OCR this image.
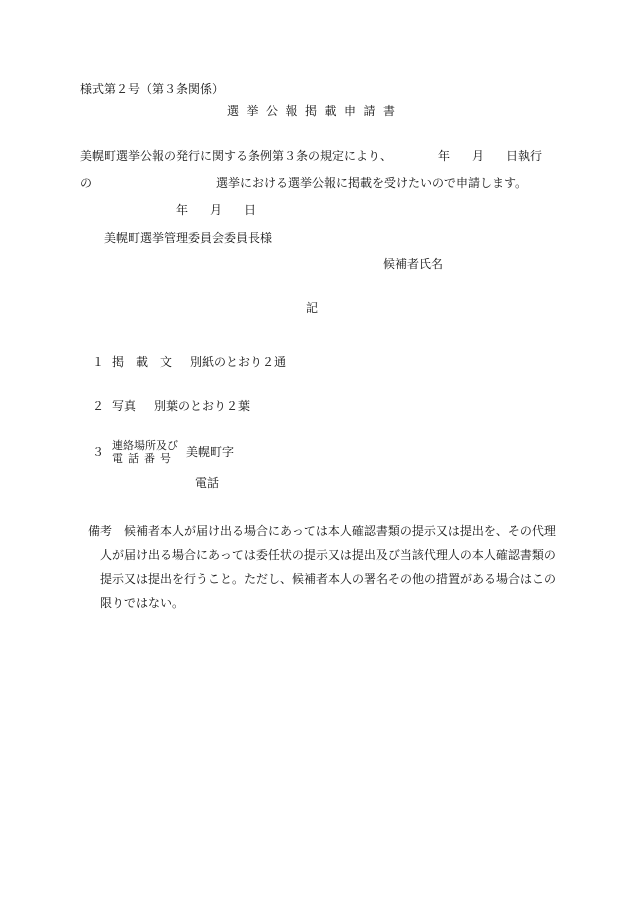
様式第２号（第３条関係）
選挙公報掲載申請書
美幌町選挙公報の発行に関する条例第３条の規定により、	年 月 日執行
の	選挙における選挙公報に掲載を受けたいので申請します。
年 月 日
美幌町選挙管理委員会委員長様
候補者氏名
記
１ 掲　載　文 別紙のとおり２通
２ 写真 別葉のとおり２葉
３ 連絡場所及び
電話番号 美幌町字
電話
備考　候補者本人が届け出る場合にあっては本人確認書類の提示又は提出を、その代理人が届け出る場合にあっては委任状の提示又は提出及び当該代理人の本人確認書類の提示又は提出を行うこと。ただし、候補者本人の署名その他の措置がある場合はこの限りではない。
